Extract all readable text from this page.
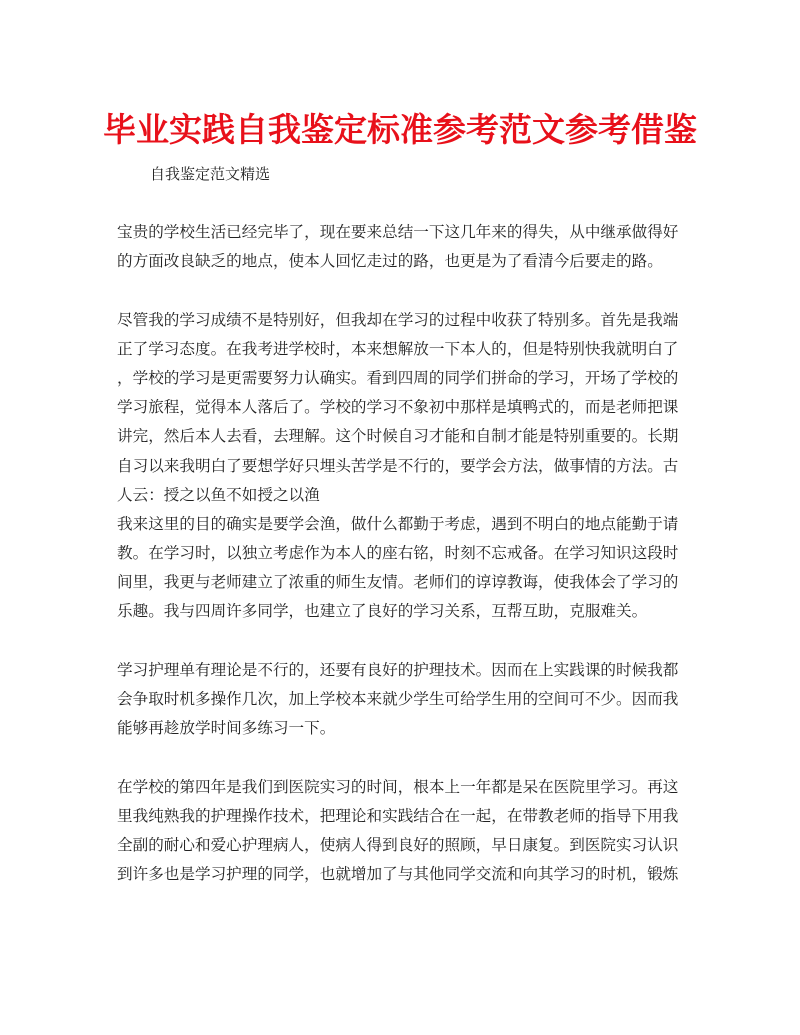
毕业实践自我鉴定标准参考范文参考借鉴
自我鉴定范文精选

宝贵的学校生活已经完毕了，现在要来总结一下这几年来的得失，从中继承做得好
的方面改良缺乏的地点，使本人回忆走过的路，也更是为了看清今后要走的路。

尽管我的学习成绩不是特别好，但我却在学习的过程中收获了特别多。首先是我端
正了学习态度。在我考进学校时，本来想解放一下本人的，但是特别快我就明白了
，学校的学习是更需要努力认确实。看到四周的同学们拼命的学习，开场了学校的
学习旅程，觉得本人落后了。学校的学习不象初中那样是填鸭式的，而是老师把课
讲完，然后本人去看，去理解。这个时候自习才能和自制才能是特别重要的。长期
自习以来我明白了要想学好只埋头苦学是不行的，要学会方法，做事情的方法。古
人云：授之以鱼不如授之以渔

我来这里的目的确实是要学会渔，做什么都勤于考虑，遇到不明白的地点能勤于请
教。在学习时，以独立考虑作为本人的座右铭，时刻不忘戒备。在学习知识这段时
间里，我更与老师建立了浓重的师生友情。老师们的谆谆教诲，使我体会了学习的
乐趣。我与四周许多同学，也建立了良好的学习关系，互帮互助，克服难关。

学习护理单有理论是不行的，还要有良好的护理技术。因而在上实践课的时候我都
会争取时机多操作几次，加上学校本来就少学生可给学生用的空间可不少。因而我
能够再趁放学时间多练习一下。

在学校的第四年是我们到医院实习的时间，根本上一年都是呆在医院里学习。再这
里我纯熟我的护理操作技术，把理论和实践结合在一起，在带教老师的指导下用我
全副的耐心和爱心护理病人，使病人得到良好的照顾，早日康复。到医院实习认识
到许多也是学习护理的同学，也就增加了与其他同学交流和向其学习的时机，锻炼
